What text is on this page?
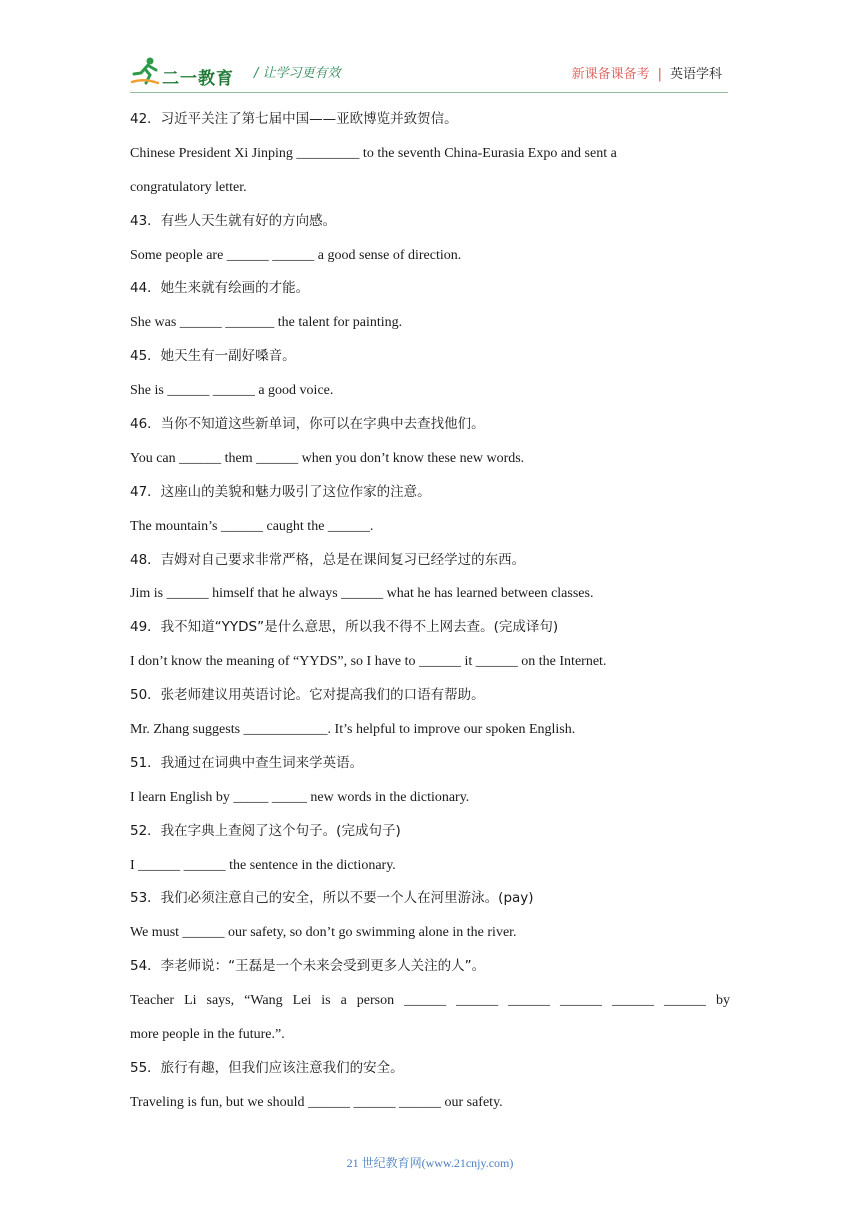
二一教育 / 让学习更有效	新课备课备考 | 英语学科
42．习近平关注了第七届中国——亚欧博览并致贺信。
Chinese President Xi Jinping _________ to the seventh China-Eurasia Expo and sent a
congratulatory letter.
43．有些人天生就有好的方向感。
Some people are ______ ______ a good sense of direction.
44．她生来就有绘画的才能。
She was ______ _______ the talent for painting.
45．她天生有一副好嗓音。
She is ______ ______ a good voice.
46．当你不知道这些新单词，你可以在字典中去查找他们。
You can ______ them ______ when you don’t know these new words.
47．这座山的美貌和魅力吸引了这位作家的注意。
The mountain’s ______ caught the ______.
48．吉姆对自己要求非常严格，总是在课间复习已经学过的东西。
Jim is ______ himself that he always ______ what he has learned between classes.
49．我不知道“YYDS”是什么意思，所以我不得不上网去查。(完成译句)
I don’t know the meaning of “YYDS”, so I have to ______ it ______ on the Internet.
50．张老师建议用英语讨论。它对提高我们的口语有帮助。
Mr. Zhang suggests ____________. It’s helpful to improve our spoken English.
51．我通过在词典中查生词来学英语。
I learn English by _____ _____ new words in the dictionary.
52．我在字典上查阅了这个句子。(完成句子)
I ______ ______ the sentence in the dictionary.
53．我们必须注意自己的安全，所以不要一个人在河里游泳。(pay)
We must ______ our safety, so don’t go swimming alone in the river.
54．李老师说：“王磊是一个未来会受到更多人关注的人”。
Teacher Li says, “Wang Lei is a person ______ ______ ______ ______ ______ ______ by
more people in the future.”.
55．旅行有趣，但我们应该注意我们的安全。
Traveling is fun, but we should ______ ______ ______ our safety.
21 世纪教育网(www.21cnjy.com)
